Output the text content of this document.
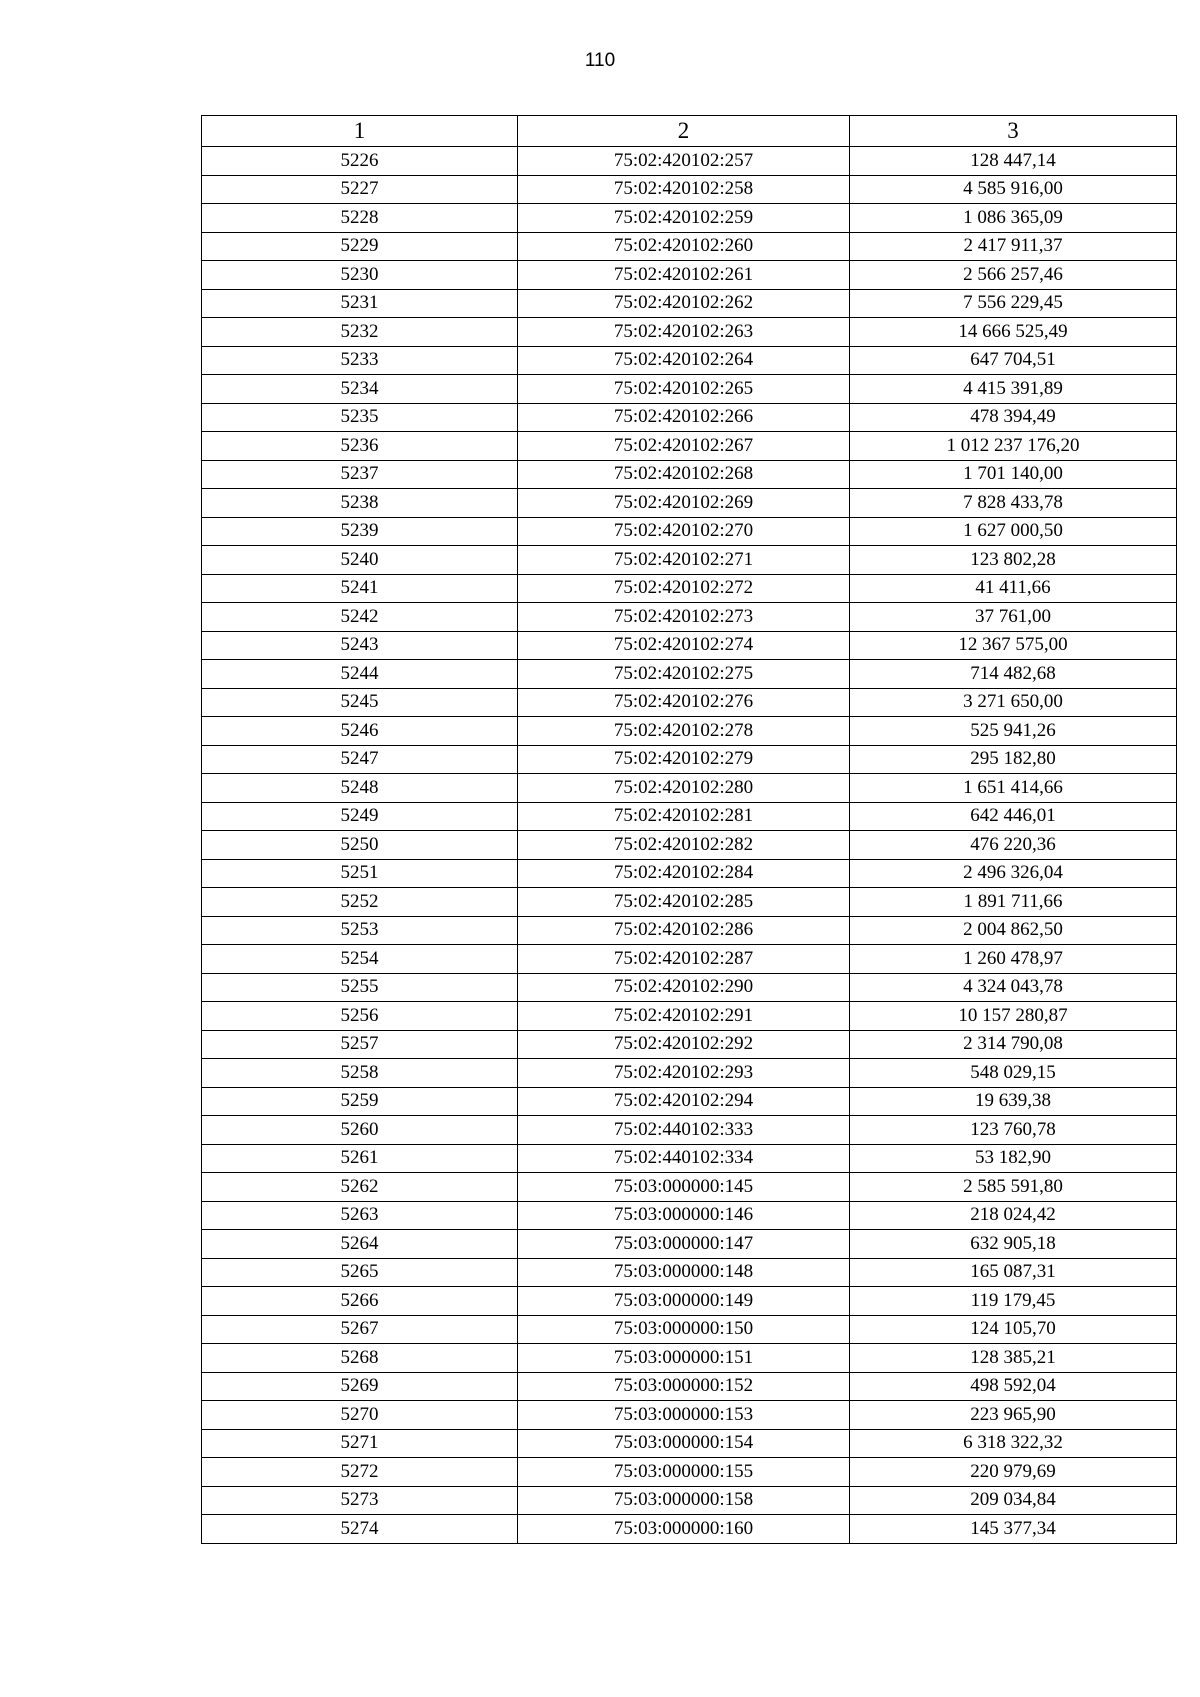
110
1	2	3
5226	75:02:420102:257	128 447,14
5227	75:02:420102:258	4 585 916,00
5228	75:02:420102:259	1 086 365,09
5229	75:02:420102:260	2 417 911,37
5230	75:02:420102:261	2 566 257,46
5231	75:02:420102:262	7 556 229,45
5232	75:02:420102:263	14 666 525,49
5233	75:02:420102:264	647 704,51
5234	75:02:420102:265	4 415 391,89
5235	75:02:420102:266	478 394,49
5236	75:02:420102:267	1 012 237 176,20
5237	75:02:420102:268	1 701 140,00
5238	75:02:420102:269	7 828 433,78
5239	75:02:420102:270	1 627 000,50
5240	75:02:420102:271	123 802,28
5241	75:02:420102:272	41 411,66
5242	75:02:420102:273	37 761,00
5243	75:02:420102:274	12 367 575,00
5244	75:02:420102:275	714 482,68
5245	75:02:420102:276	3 271 650,00
5246	75:02:420102:278	525 941,26
5247	75:02:420102:279	295 182,80
5248	75:02:420102:280	1 651 414,66
5249	75:02:420102:281	642 446,01
5250	75:02:420102:282	476 220,36
5251	75:02:420102:284	2 496 326,04
5252	75:02:420102:285	1 891 711,66
5253	75:02:420102:286	2 004 862,50
5254	75:02:420102:287	1 260 478,97
5255	75:02:420102:290	4 324 043,78
5256	75:02:420102:291	10 157 280,87
5257	75:02:420102:292	2 314 790,08
5258	75:02:420102:293	548 029,15
5259	75:02:420102:294	19 639,38
5260	75:02:440102:333	123 760,78
5261	75:02:440102:334	53 182,90
5262	75:03:000000:145	2 585 591,80
5263	75:03:000000:146	218 024,42
5264	75:03:000000:147	632 905,18
5265	75:03:000000:148	165 087,31
5266	75:03:000000:149	119 179,45
5267	75:03:000000:150	124 105,70
5268	75:03:000000:151	128 385,21
5269	75:03:000000:152	498 592,04
5270	75:03:000000:153	223 965,90
5271	75:03:000000:154	6 318 322,32
5272	75:03:000000:155	220 979,69
5273	75:03:000000:158	209 034,84
5274	75:03:000000:160	145 377,34
